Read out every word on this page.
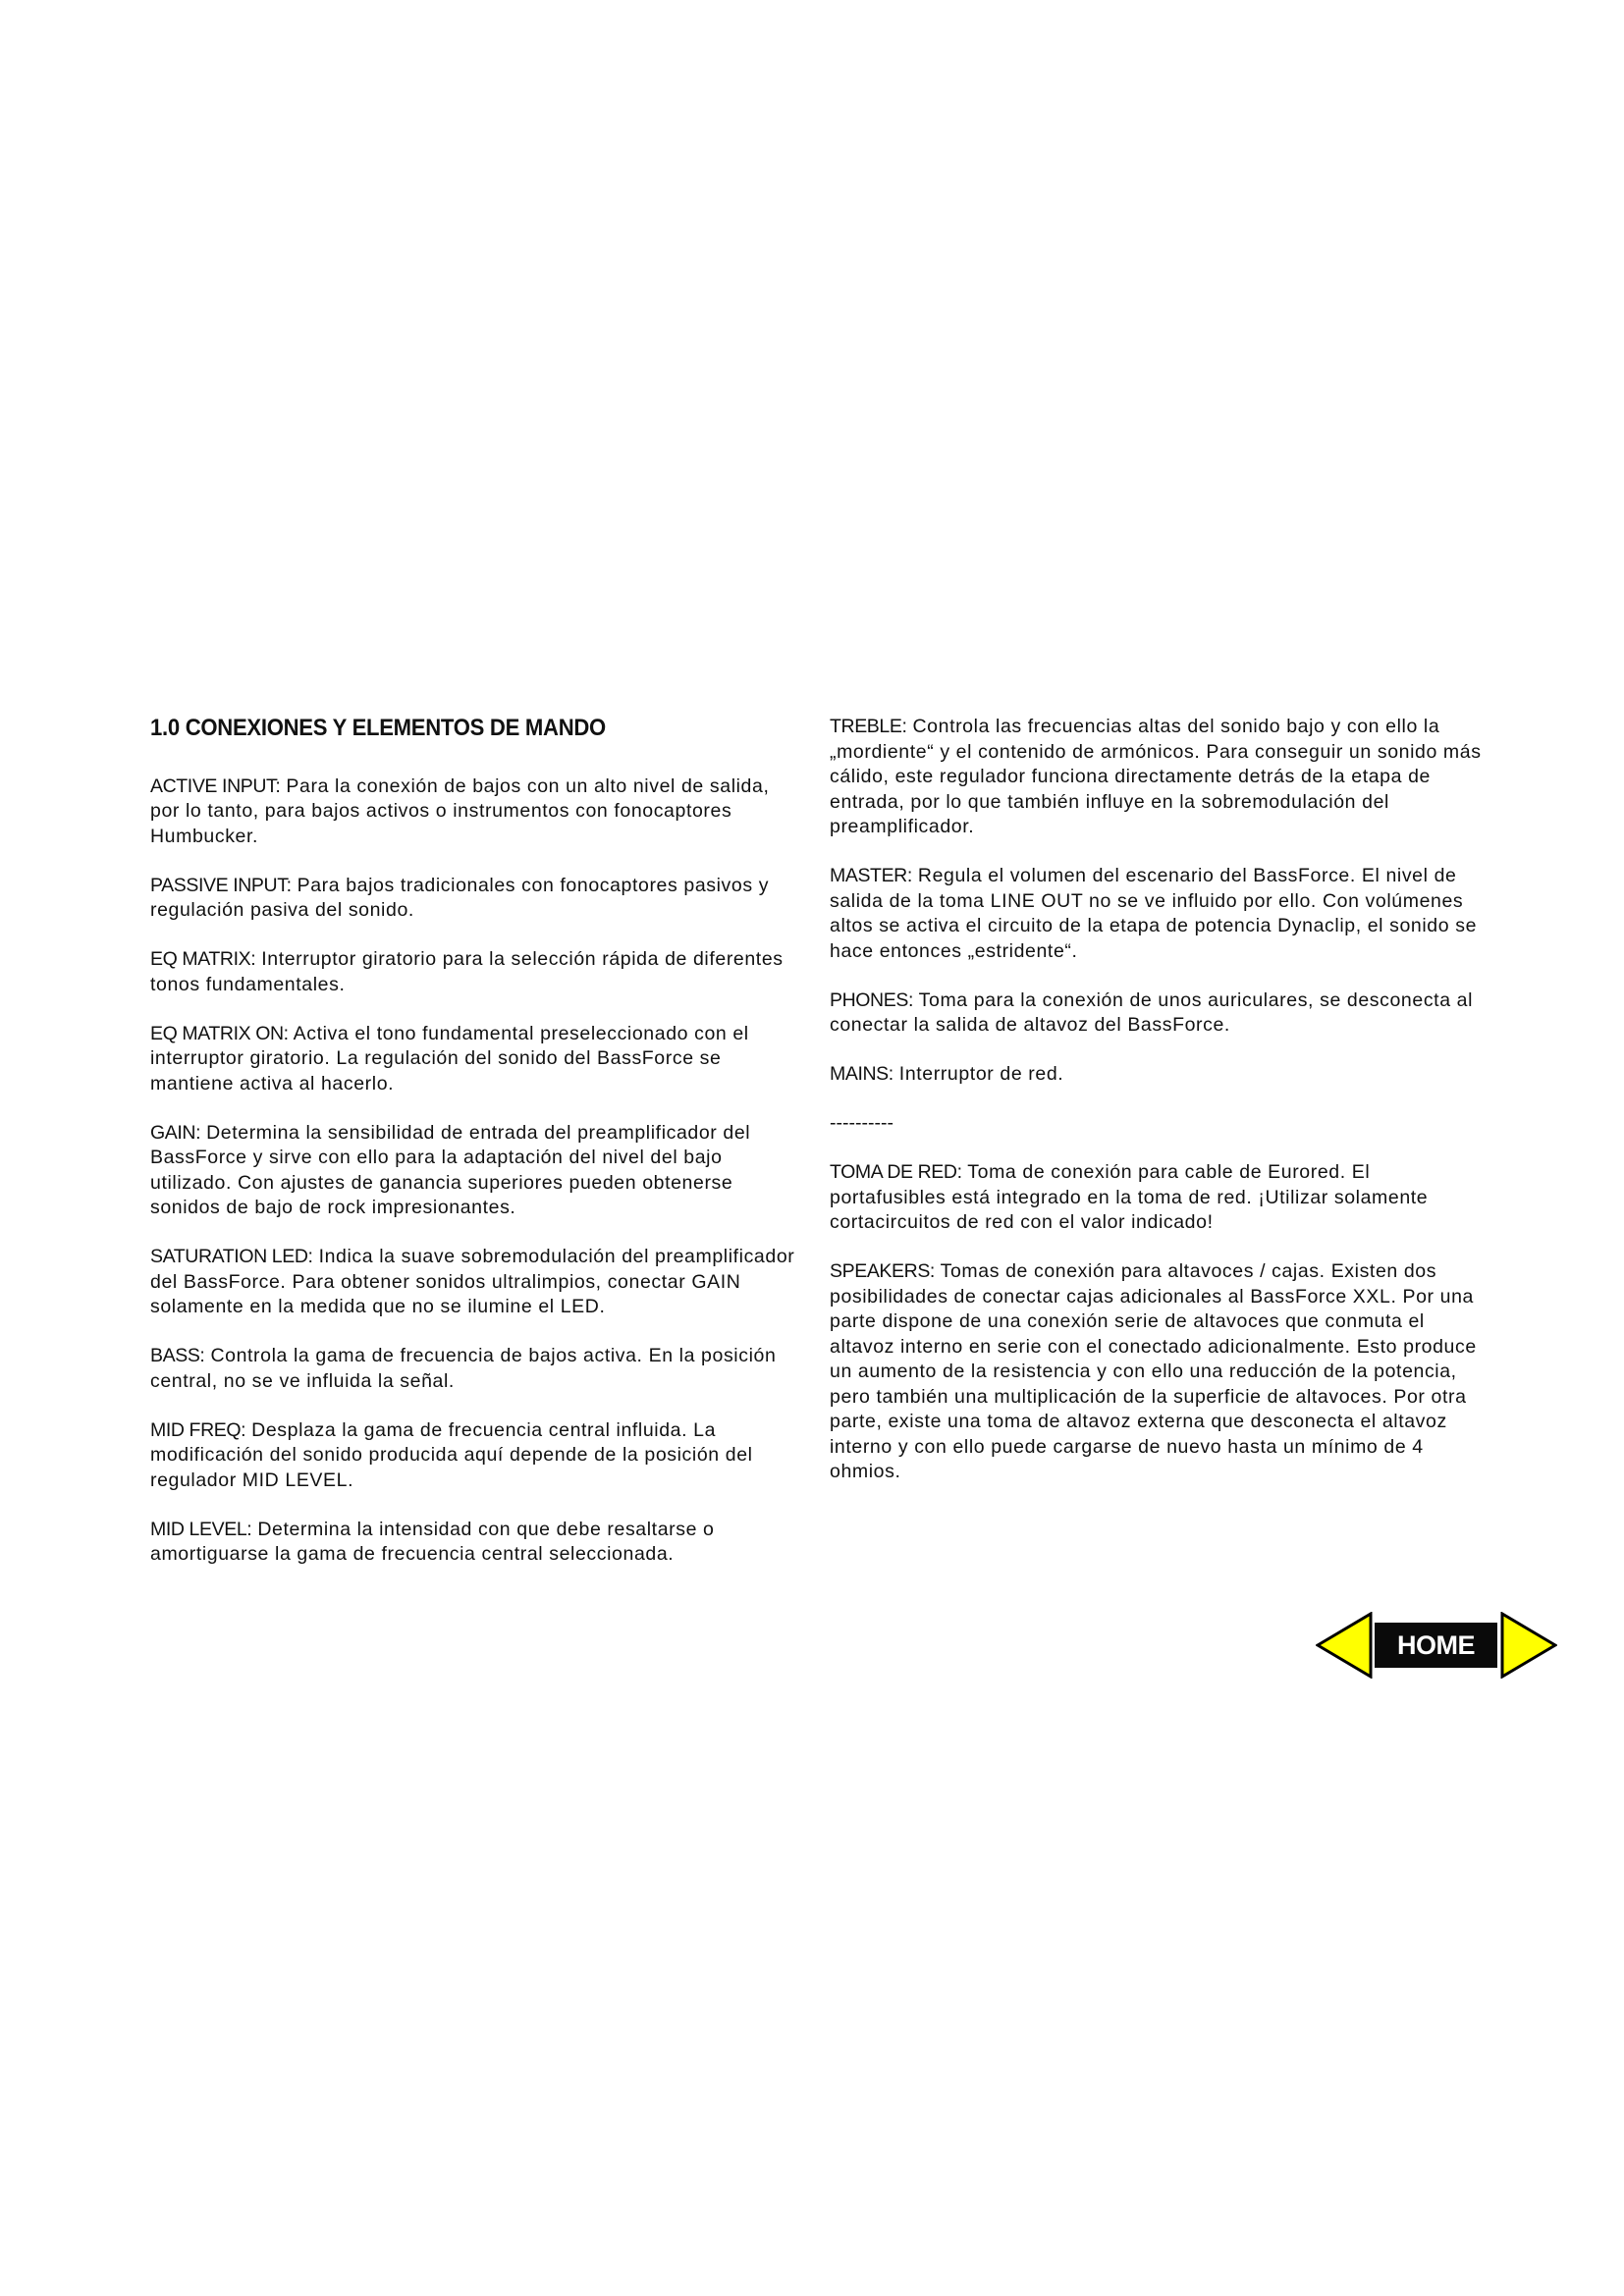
1.0 CONEXIONES Y ELEMENTOS DE MANDO

ACTIVE INPUT: Para la conexión de bajos con un alto nivel de salida, por lo tanto, para bajos activos o instrumentos con fonocaptores Humbucker.

PASSIVE INPUT: Para bajos tradicionales con fonocaptores pasivos y regulación pasiva del sonido.

EQ MATRIX: Interruptor giratorio para la selección rápida de diferentes tonos fundamentales.

EQ MATRIX ON: Activa el tono fundamental preseleccionado con el interruptor giratorio. La regulación del sonido del BassForce se mantiene activa al hacerlo.

GAIN: Determina la sensibilidad de entrada del preamplificador del BassForce y sirve con ello para la adaptación del nivel del bajo utilizado. Con ajustes de ganancia superiores pueden obtenerse sonidos de bajo de rock impresionantes.

SATURATION LED: Indica la suave sobremodulación del preamplificador del BassForce. Para obtener sonidos ultralimpios, conectar GAIN solamente en la medida que no se ilumine el LED.

BASS: Controla la gama de frecuencia de bajos activa. En la posición central, no se ve influida la señal.

MID FREQ: Desplaza la gama de frecuencia central influida. La modificación del sonido producida aquí depende de la posición del regulador MID LEVEL.

MID LEVEL: Determina la intensidad con que debe resaltarse o amortiguarse la gama de frecuencia central seleccionada.

TREBLE: Controla las frecuencias altas del sonido bajo y con ello la „mordiente“ y el contenido de armónicos. Para conseguir un sonido más cálido, este regulador funciona directamente detrás de la etapa de entrada, por lo que también influye en la sobremodulación del preamplificador.

MASTER: Regula el volumen del escenario del BassForce. El nivel de salida de la toma LINE OUT no se ve influido por ello. Con volúmenes altos se activa el circuito de la etapa de potencia Dynaclip, el sonido se hace entonces „estridente“.

PHONES: Toma para la conexión de unos auriculares, se desconecta al conectar la salida de altavoz del BassForce.

MAINS: Interruptor de red.

----------

TOMA DE RED: Toma de conexión para cable de Eurored. El portafusibles está integrado en la toma de red. ¡Utilizar solamente cortacircuitos de red con el valor indicado!

SPEAKERS: Tomas de conexión para altavoces / cajas. Existen dos posibilidades de conectar cajas adicionales al BassForce XXL. Por una parte dispone de una conexión serie de altavoces que conmuta el altavoz interno en serie con el conectado adicionalmente. Esto produce un aumento de la resistencia y con ello una reducción de la potencia, pero también una multiplicación de la superficie de altavoces. Por otra parte, existe una toma de altavoz externa que desconecta el altavoz interno y con ello puede cargarse de nuevo hasta un mínimo de 4 ohmios.

HOME
